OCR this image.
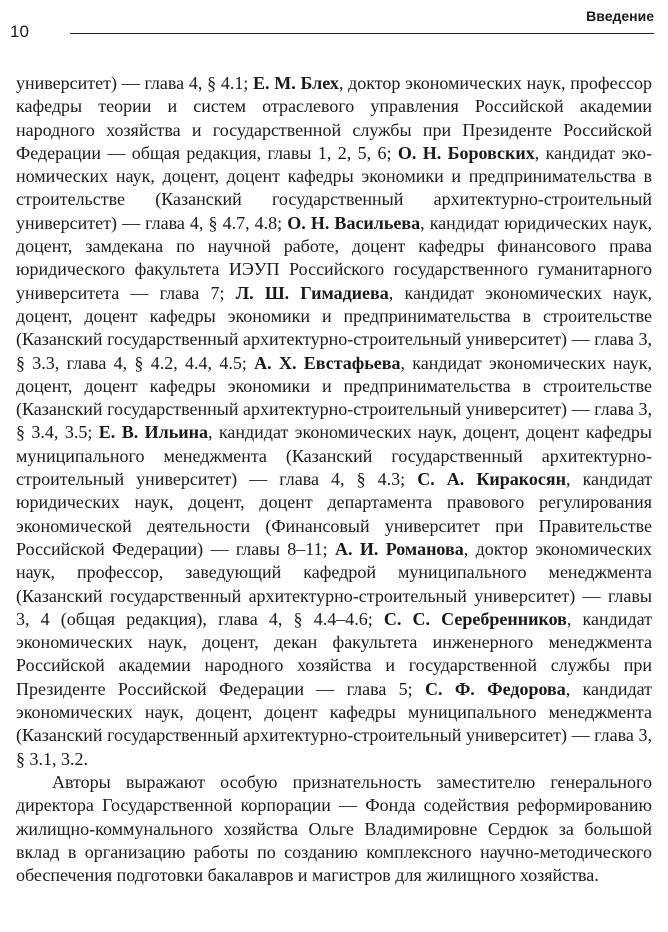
10
Введение

университет) — глава 4, § 4.1; Е. М. Блех, доктор экономических наук, профессор кафедры теории и систем отраслевого управления Российской академии народного хозяйства и государственной службы при Президенте Российской Федерации — общая редакция, главы 1, 2, 5, 6; О. Н. Боровских, кандидат экономических наук, доцент, доцент кафедры экономики и предпринимательства в строительстве (Казанский государственный архитектурно-строительный университет) — глава 4, § 4.7, 4.8; О. Н. Васильева, кандидат юридических наук, доцент, замдекана по научной работе, доцент кафедры финансового права юридического факультета ИЭУП Российского государственного гуманитарного университета — глава 7; Л. Ш. Гимадиева, кандидат экономических наук, доцент, доцент кафедры экономики и предпринимательства в строительстве (Казанский государственный архитектурно-строительный университет) — глава 3, § 3.3, глава 4, § 4.2, 4.4, 4.5; А. Х. Евстафьева, кандидат экономических наук, доцент, доцент кафедры экономики и предпринимательства в строительстве (Казанский государственный архитектурно-строительный университет) — глава 3, § 3.4, 3.5; Е. В. Ильина, кандидат экономических наук, доцент, доцент кафедры муниципального менеджмента (Казанский государственный архитектурно-строительный университет) — глава 4, § 4.3; С. А. Киракосян, кандидат юридических наук, доцент, доцент департамента правового регулирования экономической деятельности (Финансовый университет при Правительстве Российской Федерации) — главы 8–11; А. И. Романова, доктор экономических наук, профессор, заведующий кафедрой муниципального менеджмента (Казанский государственный архитектурно-строительный университет) — главы 3, 4 (общая редакция), глава 4, § 4.4–4.6; С. С. Серебренников, кандидат экономических наук, доцент, декан факультета инженерного менеджмента Российской академии народного хозяйства и государственной службы при Президенте Российской Федерации — глава 5; С. Ф. Федорова, кандидат экономических наук, доцент, доцент кафедры муниципального менеджмента (Казанский государственный архитектурно-строительный университет) — глава 3, § 3.1, 3.2.

Авторы выражают особую признательность заместителю генерального директора Государственной корпорации — Фонда содействия реформированию жилищно-коммунального хозяйства Ольге Владимировне Сердюк за большой вклад в организацию работы по созданию комплексного научно-методического обеспечения подготовки бакалавров и магистров для жилищного хозяйства.
